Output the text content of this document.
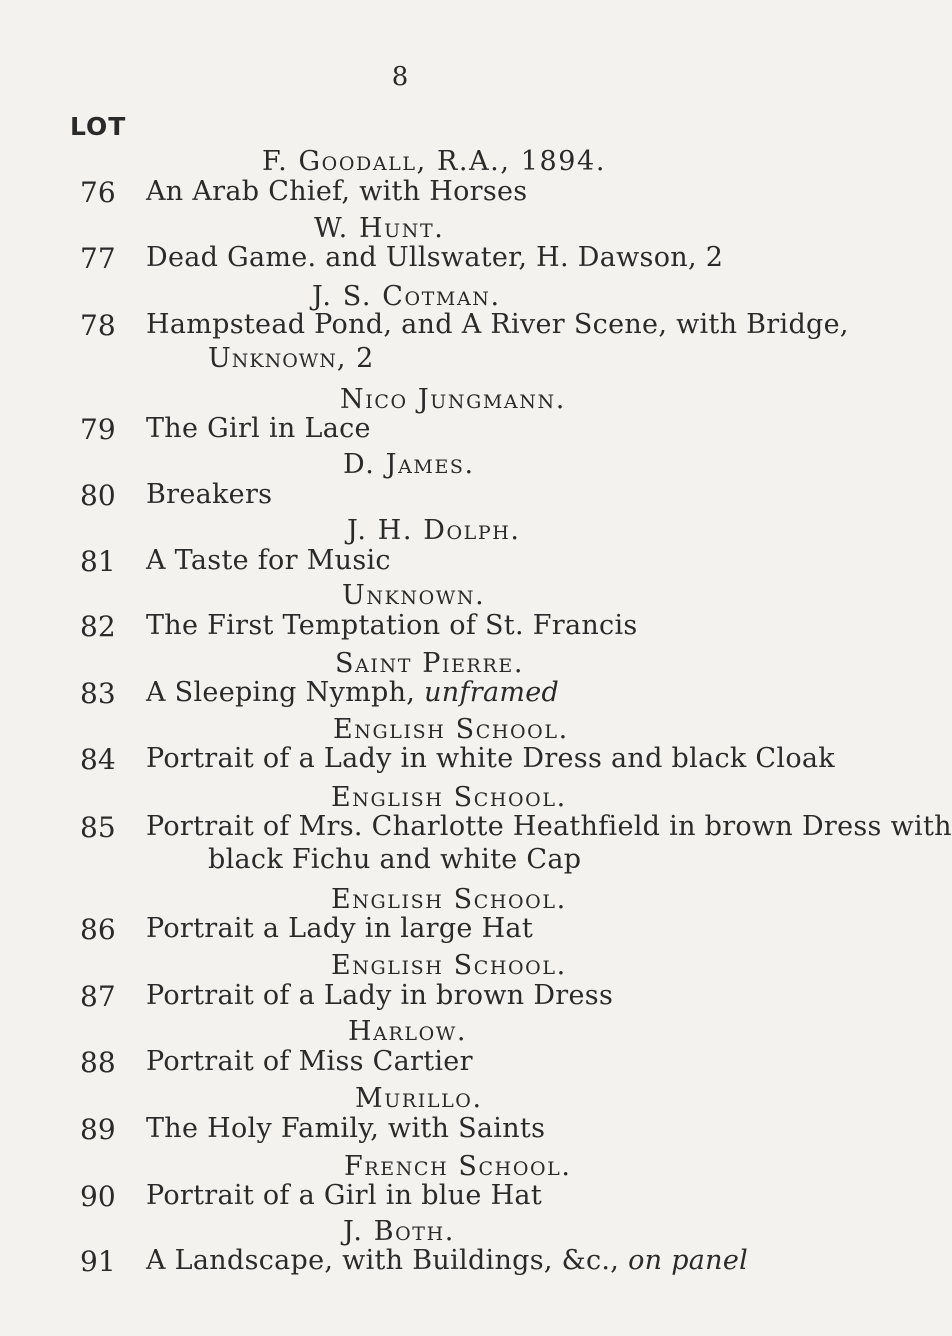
8
LOT
F. Goodall, R.A., 1894.
76 An Arab Chief, with Horses
W. Hunt.
77 Dead Game. and Ullswater, H. Dawson, 2
J. S. Cotman.
78 Hampstead Pond, and A River Scene, with Bridge,
Unknown, 2
Nico Jungmann.
79 The Girl in Lace
D. James.
80 Breakers
J. H. Dolph.
81 A Taste for Music
Unknown.
82 The First Temptation of St. Francis
Saint Pierre.
83 A Sleeping Nymph, unframed
English School.
84 Portrait of a Lady in white Dress and black Cloak
English School.
85 Portrait of Mrs. Charlotte Heathfield in brown Dress with
black Fichu and white Cap
English School.
86 Portrait a Lady in large Hat
English School.
87 Portrait of a Lady in brown Dress
Harlow.
88 Portrait of Miss Cartier
Murillo.
89 The Holy Family, with Saints
French School.
90 Portrait of a Girl in blue Hat
J. Both.
91 A Landscape, with Buildings, &c., on panel
